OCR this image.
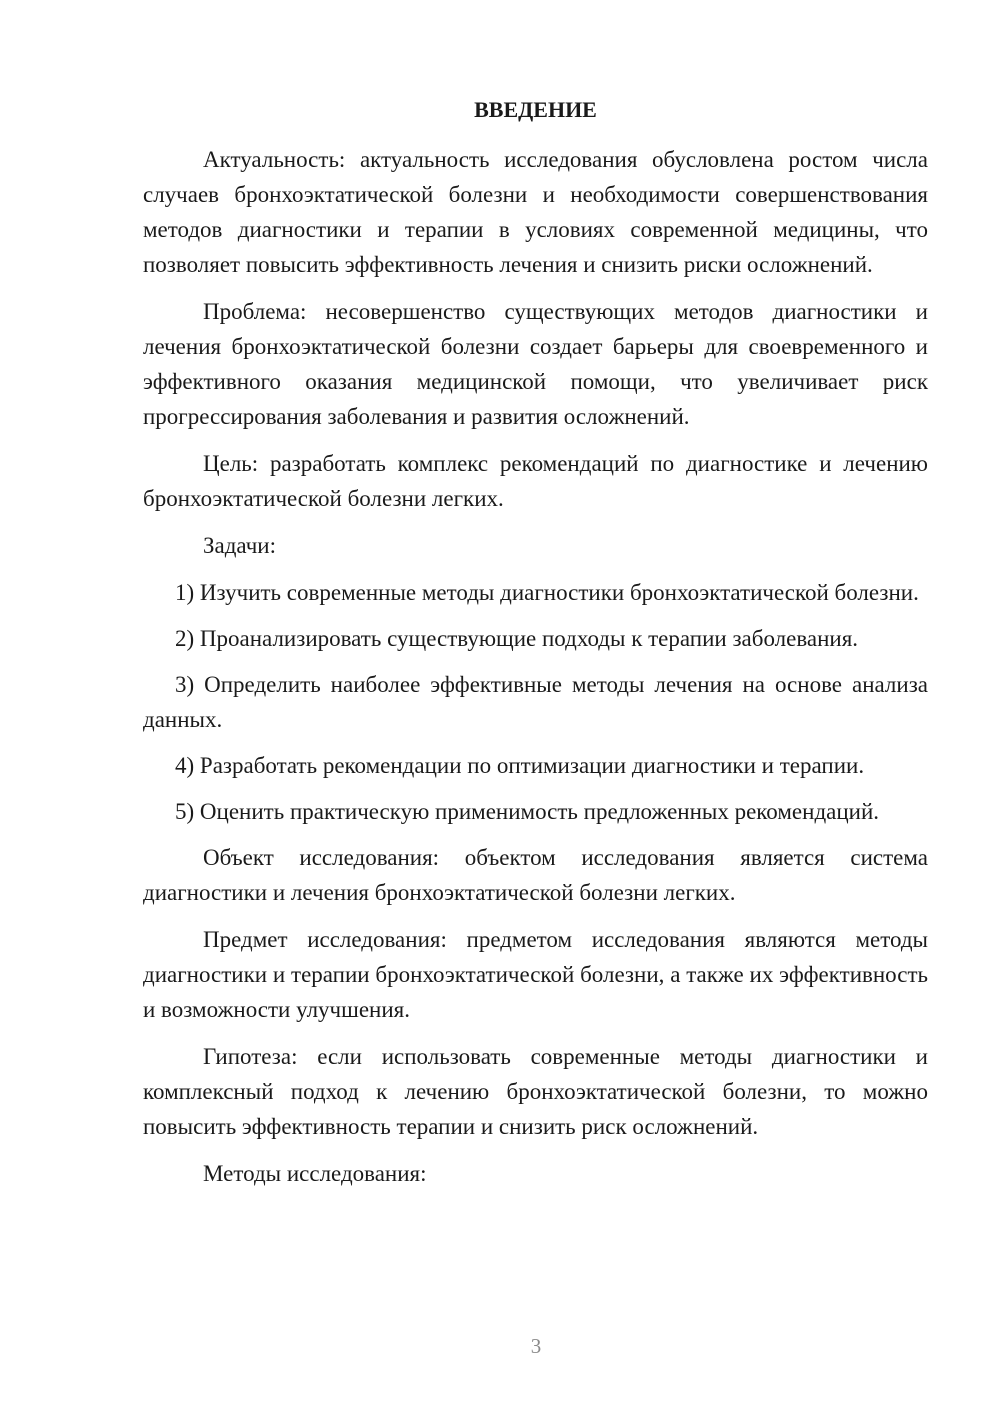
ВВЕДЕНИЕ

Актуальность: актуальность исследования обусловлена ростом числа случаев бронхоэктатической болезни и необходимости совершенствования методов диагностики и терапии в условиях современной медицины, что позволяет повысить эффективность лечения и снизить риски осложнений.

Проблема: несовершенство существующих методов диагностики и лечения бронхоэктатической болезни создает барьеры для своевременного и эффективного оказания медицинской помощи, что увеличивает риск прогрессирования заболевания и развития осложнений.

Цель: разработать комплекс рекомендаций по диагностике и лечению бронхоэктатической болезни легких.

Задачи:

1) Изучить современные методы диагностики бронхоэктатической болезни.

2) Проанализировать существующие подходы к терапии заболевания.

3) Определить наиболее эффективные методы лечения на основе анализа данных.

4) Разработать рекомендации по оптимизации диагностики и терапии.

5) Оценить практическую применимость предложенных рекомендаций.

Объект исследования: объектом исследования является система диагностики и лечения бронхоэктатической болезни легких.

Предмет исследования: предметом исследования являются методы диагностики и терапии бронхоэктатической болезни, а также их эффективность и возможности улучшения.

Гипотеза: если использовать современные методы диагностики и комплексный подход к лечению бронхоэктатической болезни, то можно повысить эффективность терапии и снизить риск осложнений.

Методы исследования:

3
